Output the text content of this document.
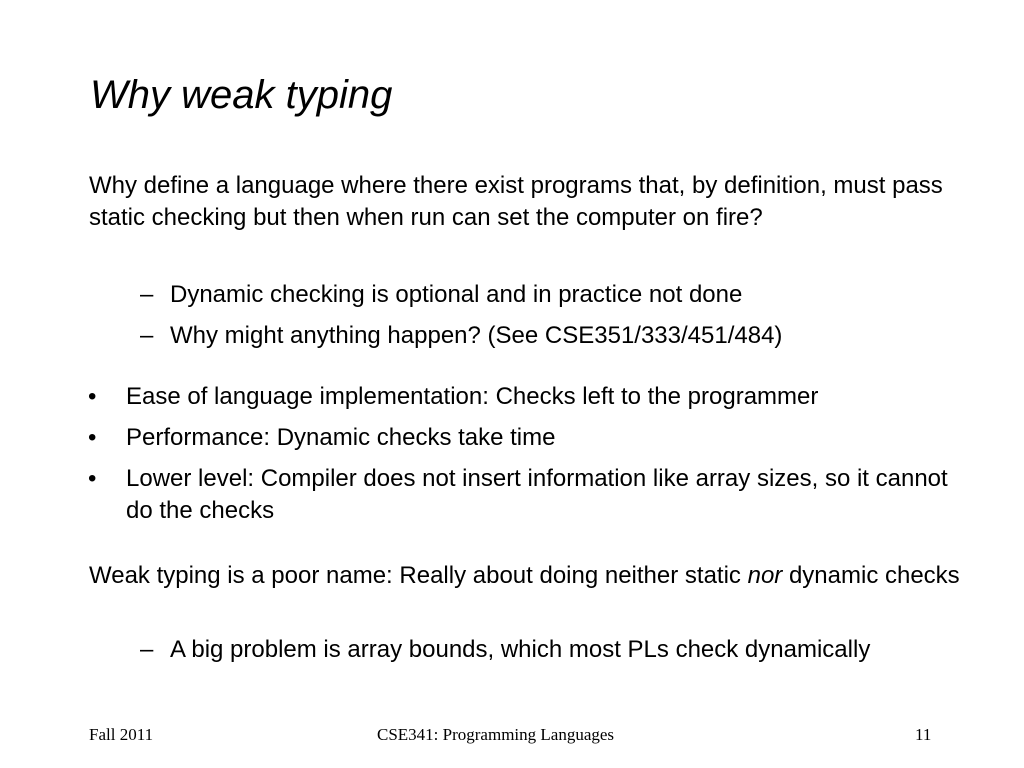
Why weak typing
Why define a language where there exist programs that, by definition, must pass static checking but then when run can set the computer on fire?
– Dynamic checking is optional and in practice not done
– Why might anything happen? (See CSE351/333/451/484)
• Ease of language implementation: Checks left to the programmer
• Performance: Dynamic checks take time
• Lower level: Compiler does not insert information like array sizes, so it cannot do the checks
Weak typing is a poor name: Really about doing neither static nor dynamic checks
– A big problem is array bounds, which most PLs check dynamically
Fall 2011	CSE341: Programming Languages	11
